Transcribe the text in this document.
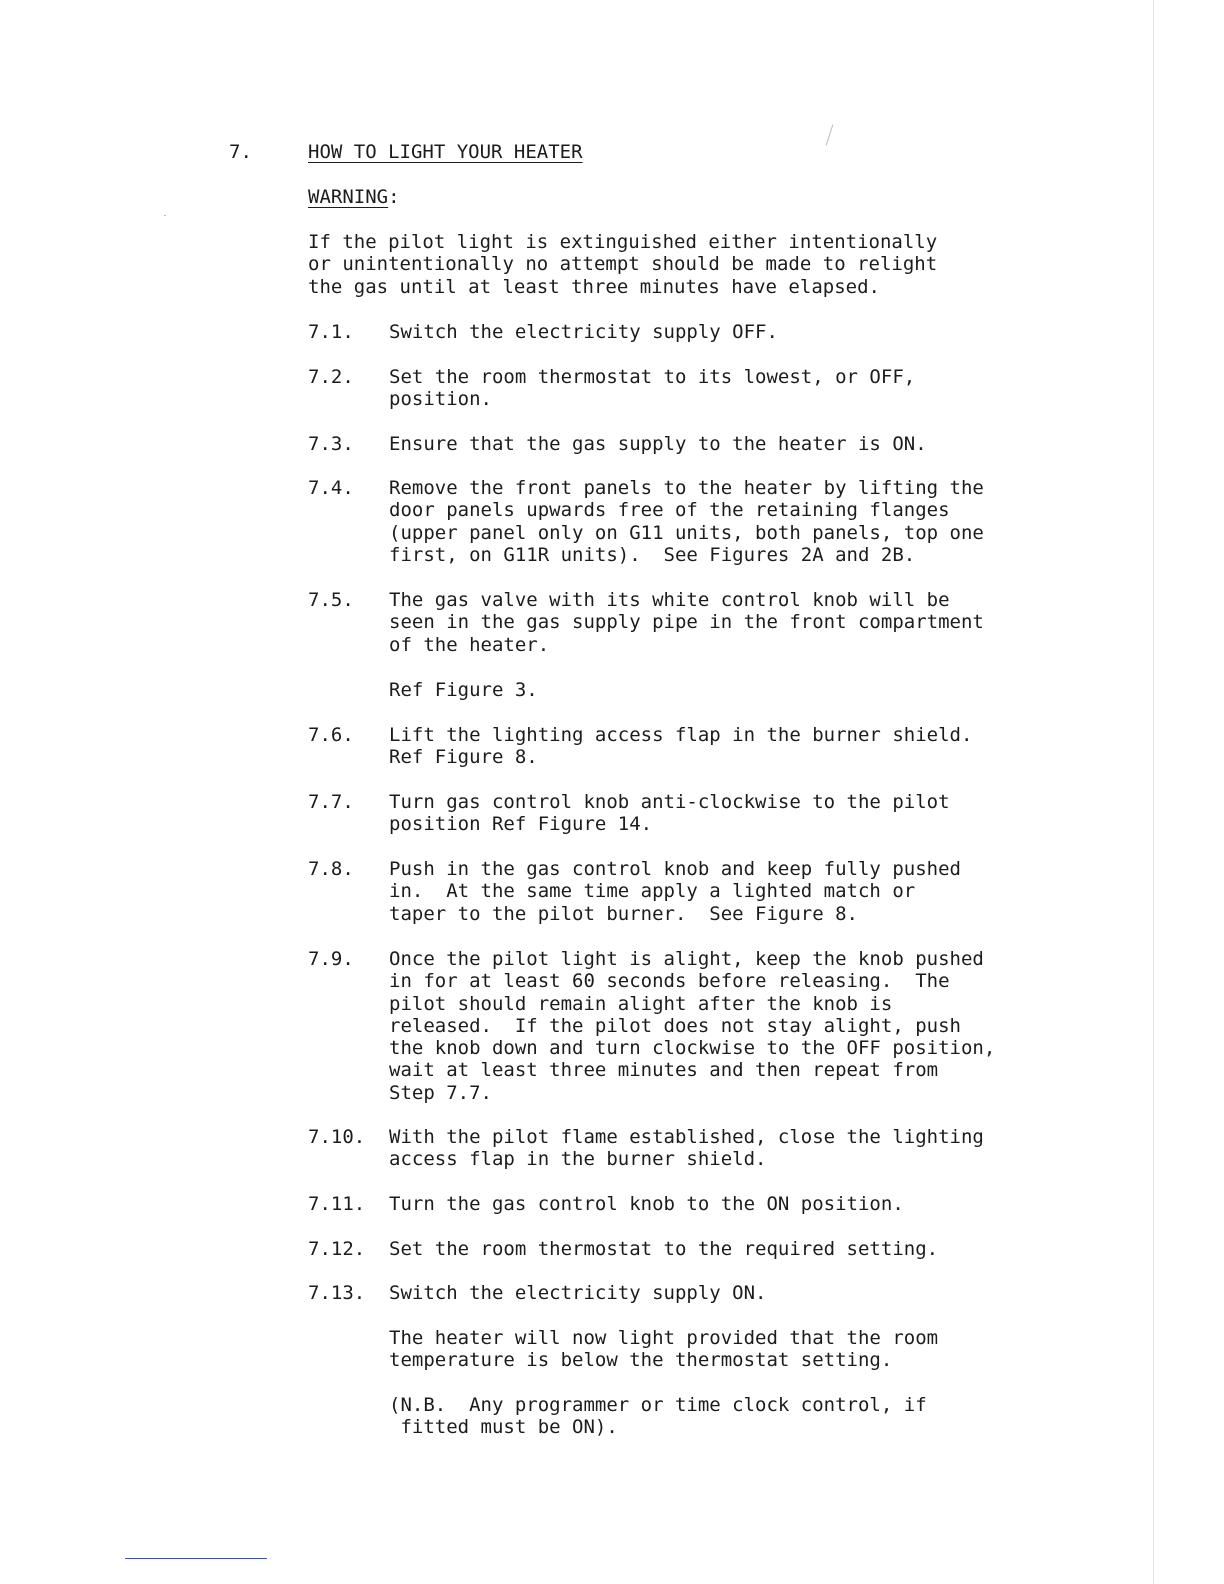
7.	HOW TO LIGHT YOUR HEATER
WARNING:
If the pilot light is extinguished either intentionally
or unintentionally no attempt should be made to relight
the gas until at least three minutes have elapsed.
7.1. Switch the electricity supply OFF.
7.2. Set the room thermostat to its lowest, or OFF,
position.
7.3. Ensure that the gas supply to the heater is ON.
7.4. Remove the front panels to the heater by lifting the
door panels upwards free of the retaining flanges
(upper panel only on G11 units, both panels, top one
first, on G11R units).  See Figures 2A and 2B.
7.5. The gas valve with its white control knob will be
seen in the gas supply pipe in the front compartment
of the heater.
Ref Figure 3.
7.6. Lift the lighting access flap in the burner shield.
Ref Figure 8.
7.7. Turn gas control knob anti-clockwise to the pilot
position Ref Figure 14.
7.8. Push in the gas control knob and keep fully pushed
in.  At the same time apply a lighted match or
taper to the pilot burner.  See Figure 8.
7.9. Once the pilot light is alight, keep the knob pushed
in for at least 60 seconds before releasing.  The
pilot should remain alight after the knob is
released.  If the pilot does not stay alight, push
the knob down and turn clockwise to the OFF position,
wait at least three minutes and then repeat from
Step 7.7.
7.10. With the pilot flame established, close the lighting
access flap in the burner shield.
7.11. Turn the gas control knob to the ON position.
7.12. Set the room thermostat to the required setting.
7.13. Switch the electricity supply ON.
The heater will now light provided that the room
temperature is below the thermostat setting.
(N.B.  Any programmer or time clock control, if
fitted must be ON).
